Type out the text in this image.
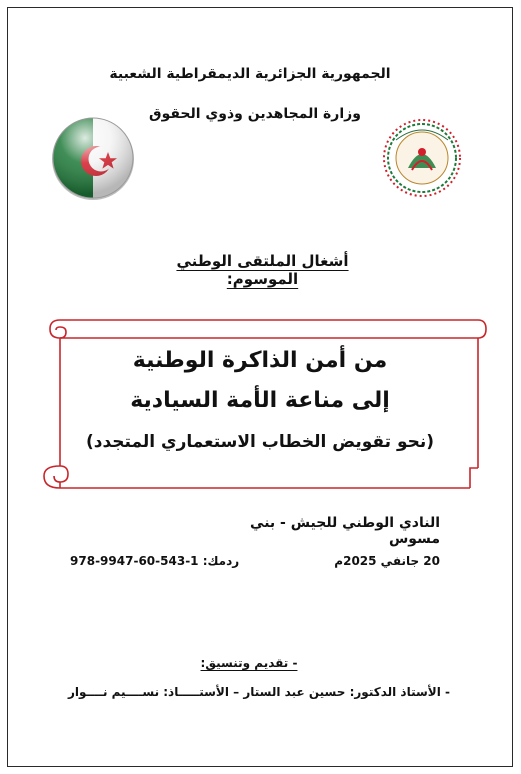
الجمهورية الجزائرية الديمقراطية الشعبية
وزارة المجاهدين وذوي الحقوق
أشغال الملتقى الوطني الموسوم:
من أمن الذاكرة الوطنية
إلى مناعة الأمة السيادية
(نحو تقويض الخطاب الاستعماري المتجدد)
النادي الوطني للجيش - بني مسوس
20 جانفي 2025م
ردمك: 1-543-60-9947-978
- تقديم وتنسيق:
- الأستاذ الدكتور: حسين عبد الستار – الأستـــــاذ: نســــيم نــــوار
